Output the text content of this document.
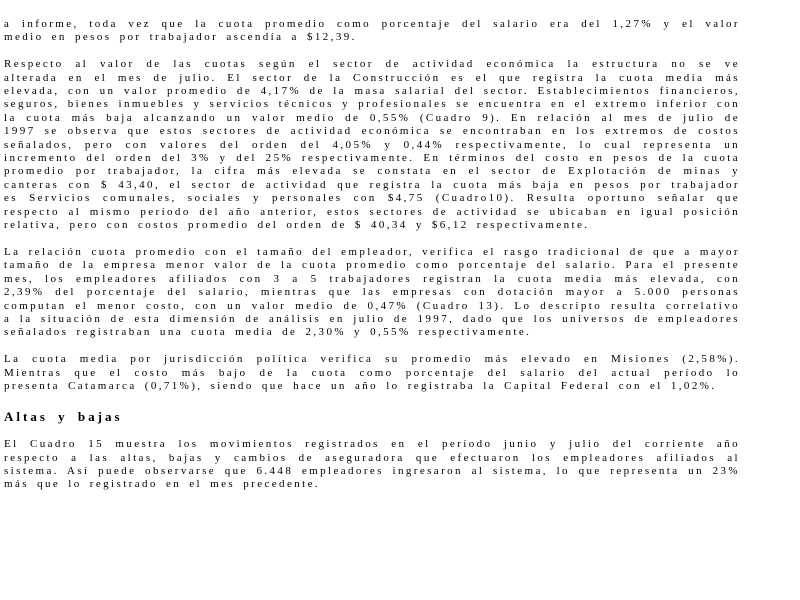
a informe, toda vez que la cuota promedio como porcentaje del salario era del 1,27% y el valor medio en pesos por trabajador ascendía a $12,39.

Respecto al valor de las cuotas según el sector de actividad económica la estructura no se ve alterada en el mes de julio. El sector de la Construcción es el que registra la cuota media más elevada, con un valor promedio de 4,17% de la masa salarial del sector. Establecimientos financieros, seguros, bienes inmuebles y servicios técnicos y profesionales se encuentra en el extremo inferior con la cuota más baja alcanzando un valor medio de 0,55% (Cuadro 9). En relación al mes de julio de 1997 se observa que estos sectores de actividad económica se encontraban en los extremos de costos señalados, pero con valores del orden del 4,05% y 0,44% respectivamente, lo cual representa un incremento del orden del 3% y del 25% respectivamente. En términos del costo en pesos de la cuota promedio por trabajador, la cifra más elevada se constata en el sector de Explotación de minas y canteras con $ 43,40, el sector de actividad que registra la cuota más baja en pesos por trabajador es Servicios comunales, sociales y personales con $4,75 (Cuadro10). Resulta oportuno señalar que respecto al mismo período del año anterior, estos sectores de actividad se ubicaban en igual posición relativa, pero con costos promedio del orden de $ 40,34 y $6,12 respectivamente.

La relación cuota promedio con el tamaño del empleador, verifica el rasgo tradicional de que a mayor tamaño de la empresa menor valor de la cuota promedio como porcentaje del salario. Para el presente mes, los empleadores afiliados con 3 a 5 trabajadores registran la cuota media más elevada, con 2,39% del porcentaje del salario, mientras que las empresas con dotación mayor a 5.000 personas computan el menor costo, con un valor medio de 0,47% (Cuadro 13). Lo descripto resulta correlativo a la situación de esta dimensión de análisis en julio de 1997, dado que los universos de empleadores señalados registraban una cuota media de 2,30% y 0,55% respectivamente.

La cuota media por jurisdicción política verifica su promedio más elevado en Misiones (2,58%). Mientras que el costo más bajo de la cuota como porcentaje del salario del actual período lo presenta Catamarca (0,71%), siendo que hace un año lo registraba la Capital Federal con el 1,02%.

Altas y bajas

El Cuadro 15 muestra los movimientos registrados en el período junio y julio del corriente año respecto a las altas, bajas y cambios de aseguradora que efectuaron los empleadores afiliados al sistema. Así puede observarse que 6.448 empleadores ingresaron al sistema, lo que representa un 23% más que lo registrado en el mes precedente.
